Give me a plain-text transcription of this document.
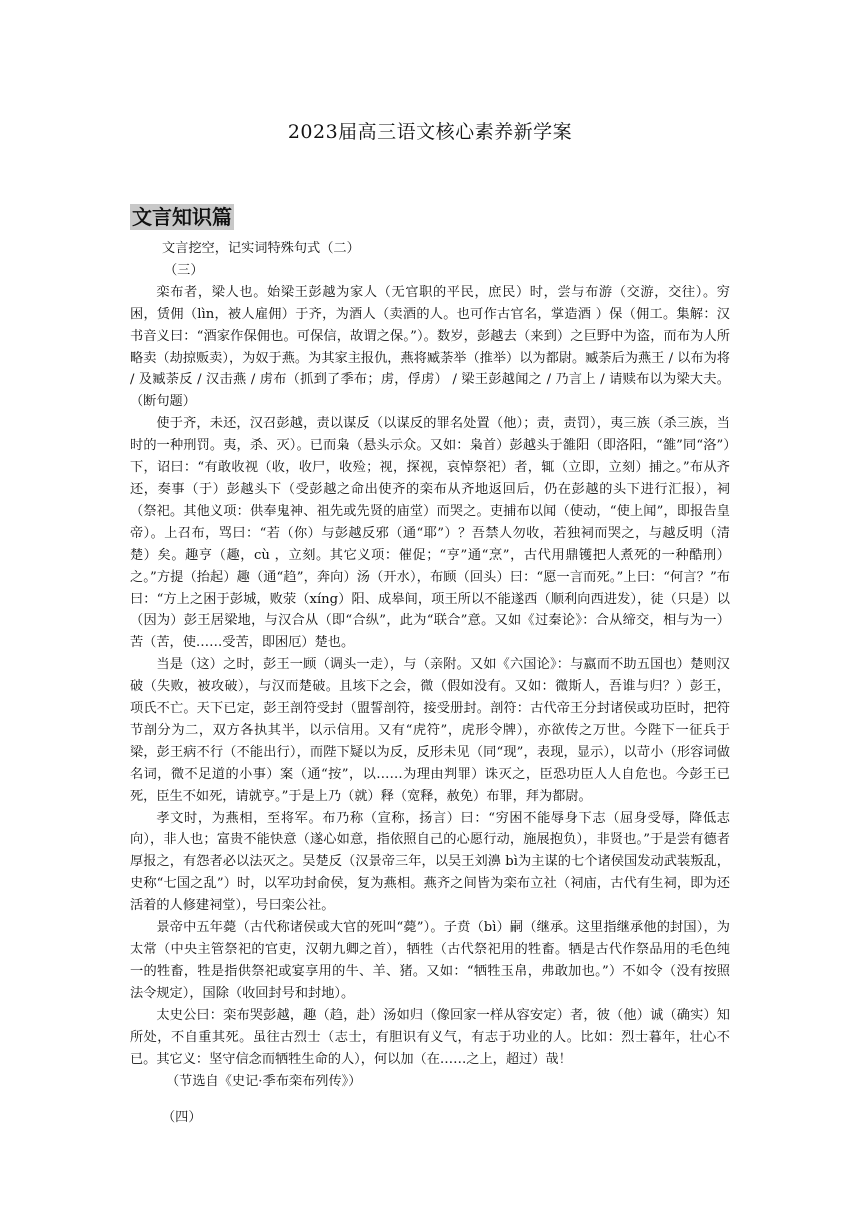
2023届高三语文核心素养新学案
文言知识篇

文言挖空，记实词特殊句式（二）

（三）

栾布者，梁人也。始梁王彭越为家人（无官职的平民，庶民）时，尝与布游（交游，交往）。穷困，赁佣（lìn，被人雇佣）于齐，为酒人（卖酒的人。也可作古官名，掌造酒 ）保（佣工。集解：汉书音义曰：“酒家作保佣也。可保信，故谓之保。”）。数岁，彭越去（来到）之巨野中为盗，而布为人所略卖（劫掠贩卖），为奴于燕。为其家主报仇，燕将臧荼举（推举）以为都尉。臧荼后为燕王 / 以布为将 / 及臧荼反 / 汉击燕 / 虏布（抓到了季布；虏，俘虏） / 梁王彭越闻之 / 乃言上 / 请赎布以为梁大夫。（断句题）

使于齐，未还，汉召彭越，责以谋反（以谋反的罪名处置（他）；责，责罚），夷三族（杀三族，当时的一种刑罚。夷，杀、灭）。已而枭（悬头示众。又如：枭首）彭越头于雒阳（即洛阳，“雒”同“洛”）下，诏曰：“有敢收视（收，收尸，收殓；视，探视，哀悼祭祀）者，辄（立即，立刻）捕之。”布从齐还，奏事（于）彭越头下（受彭越之命出使齐的栾布从齐地返回后，仍在彭越的头下进行汇报），祠（祭祀。其他义项：供奉鬼神、祖先或先贤的庙堂）而哭之。吏捕布以闻（使动，“使上闻”，即报告皇帝）。上召布，骂曰：“若（你）与彭越反邪（通“耶”）？吾禁人勿收，若独祠而哭之，与越反明（清楚）矣。趣亨（趣，cù ，立刻。其它义项：催促；“亨”通“烹”，古代用鼎镬把人煮死的一种酷刑）之。”方提（抬起）趣（通“趋”，奔向）汤（开水），布顾（回头）曰：“愿一言而死。”上曰：“何言？”布曰：“方上之困于彭城，败荥（xíng）阳、成皋间，项王所以不能遂西（顺利向西进发），徒（只是）以（因为）彭王居梁地，与汉合从（即“合纵”，此为“联合”意。又如《过秦论》：合从缔交，相与为一）苦（苦，使……受苦，即困厄）楚也。

当是（这）之时，彭王一顾（调头一走），与（亲附。又如《六国论》：与嬴而不助五国也）楚则汉破（失败，被攻破），与汉而楚破。且垓下之会，微（假如没有。又如：微斯人，吾谁与归？）彭王，项氏不亡。天下已定，彭王剖符受封（盟誓剖符，接受册封。剖符：古代帝王分封诸侯或功臣时，把符节剖分为二，双方各执其半，以示信用。又有“虎符”，虎形令牌），亦欲传之万世。今陛下一征兵于梁，彭王病不行（不能出行），而陛下疑以为反，反形未见（同“现”，表现，显示），以苛小（形容词做名词，微不足道的小事）案（通“按”，以……为理由判罪）诛灭之，臣恐功臣人人自危也。今彭王已死，臣生不如死，请就亨。”于是上乃（就）释（宽释，赦免）布罪，拜为都尉。

孝文时，为燕相，至将军。布乃称（宣称，扬言）曰：“穷困不能辱身下志（屈身受辱，降低志向），非人也；富贵不能快意（遂心如意，指依照自己的心愿行动，施展抱负），非贤也。”于是尝有德者厚报之，有怨者必以法灭之。吴楚反（汉景帝三年，以吴王刘濞 bì为主谋的七个诸侯国发动武装叛乱，史称“七国之乱”）时，以军功封俞侯，复为燕相。燕齐之间皆为栾布立社（祠庙，古代有生祠，即为还活着的人修建祠堂），号曰栾公社。

景帝中五年薨（古代称诸侯或大官的死叫“薨”）。子贲（bì）嗣（继承。这里指继承他的封国），为太常（中央主管祭祀的官吏，汉朝九卿之首），牺牲（古代祭祀用的牲畜。牺是古代作祭品用的毛色纯一的牲畜，牲是指供祭祀或宴享用的牛、羊、猪。又如：“牺牲玉帛，弗敢加也。”）不如令（没有按照法令规定），国除（收回封号和封地）。

太史公曰：栾布哭彭越，趣（趋，赴）汤如归（像回家一样从容安定）者，彼（他）诚（确实）知所处，不自重其死。虽往古烈士（志士，有胆识有义气，有志于功业的人。比如：烈士暮年，壮心不已。其它义：坚守信念而牺牲生命的人），何以加（在……之上，超过）哉！

（节选自《史记·季布栾布列传》）

（四）
